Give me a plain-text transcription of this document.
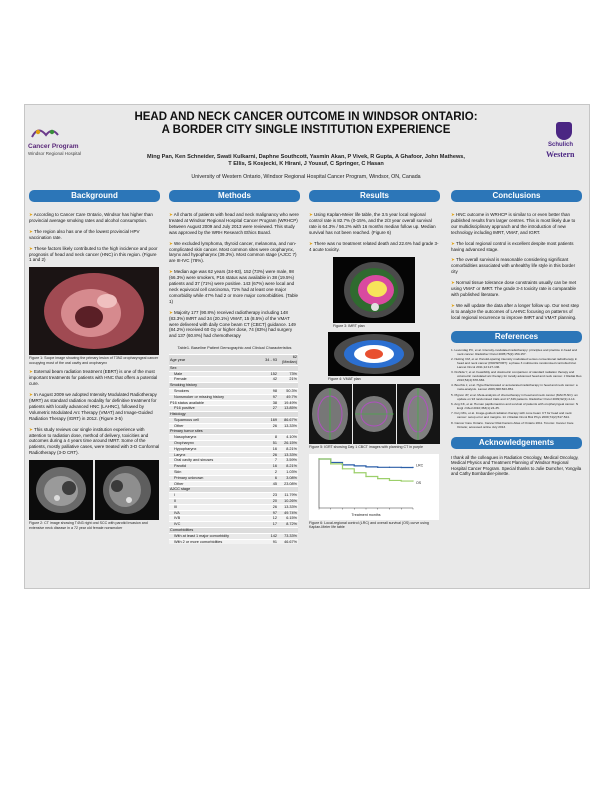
Cancer Program
Windsor Regional Hospital
Schulich
Western
HEAD AND NECK CANCER OUTCOME IN WINDSOR ONTARIO:
A BORDER CITY SINGLE INSTITUTION EXPERIENCE
Ming Pan, Ken Schneider, Swati Kulkarni, Daphne Southcott, Yasmin Akan, P Vivek, R Gupta, A Ghafoor, John Mathews,
T Ellis, S Kosjecki, K Hirani, J Yousuf, C Springer, C Hasan
University of Western Ontario, Windsor Regional Hospital Cancer Program, Windsor, ON, Canada
Background

➤ According to Cancer Care Ontario, Windsor has higher than provincial average smoking rates and alcohol consumption.

➤ The region also has one of the lowest provincial HPV vaccination rate.

➤ These factors likely contributed to the high incidence and poor prognosis of head and neck cancer (HNC) in this region. (Figure 1 and 2)

Figure 1: Scope image showing the primary lesion of T3N2 oropharyngeal cancer occupying most of the oral cavity and oropharynx

➤ External beam radiation treatment (EBRT) is one of the most important treatments for patients with HNC that offers a potential cure.

➤ In August 2009 we adopted Intensity Modulated Radiotherapy (IMRT) as standard radiation modality for definitive treatment for patients with locally advanced HNC (LAHNC), followed by Volumetric Modulated Arc Therapy (VMAT) and Image-Guided Radiation Therapy (IGRT) in 2012. (Figure 3-5)

➤ This study reviews our single institution experience with attention to radiation dose, method of delivery, toxicities and outcomes during a 4 years time around IMRT. Some of the patients, mostly palliative cases, were treated with 3-D Conformal Radiotherapy (3-D CRT).

Figure 2: CT image showing T4N3 right oral SCC with parotid invasion and extensive neck disease in a 72 year old female nonsmoker

Methods

➤ All charts of patients with head and neck malignancy who were treated at Windsor Regional Hospital Cancer Program (WRHCP) between August 2009 and July 2013 were reviewed. This study was approved by the WRH Research Ethics Board.

➤ We excluded lymphoma, thyroid cancer, melanoma, and non-complicated skin cancer. Most common sites were oropharynx, larynx and hypopharynx (39.3%). Most common stage (AJCC 7) are III-IVC (78%).

➤ Median age was 62 years (34-93), 152 (73%) were male, 98 (66.3%) were smokers, P16 status was available in 38 (19.5%) patients and 37 (71%) were positive. 143 (67%) were local and neck equivocal cell carcinoma, 71% had at least one major comorbidity while 47% had 2 or more major comorbidities. (Table 1)

➤ Majority 177 (90.8%) received radiotherapy including 148 (83.3%) IMRT and 34 (20.1%) VMAT, 15 (8.5%) of the VMAT were delivered with daily Cone beam CT (CBCT) guidance. 149 (84.2%) received 60 Gy or higher dose, 74 (83%) had surgery and 137 (60.8%) had chemotherapy

Table1. Baseline Patient Demographic and Clinical Characteristics

Age year	34 - 93	62 (Median)
Sex		
Male	152	73%
Female	42	21%
Smoking history		
Smokers	98	50.3%
Nonsmoker or missing history	97	49.7%
P16 status available	38	19.49%
P16 positive	27	13.85%
Histology		
Squamous cell	169	86.67%
Other	26	13.33%
Primary tumor sites		
Nasopharynx	8	4.10%
Oropharynx	51	26.15%
Hypopharynx	16	8.21%
Larynx	26	13.33%
Oral cavity and sinuses	7	3.59%
Parotid	16	8.21%
Skin	2	1.03%
Primary unknown	6	3.08%
Other	45	23.08%
AJCC stage		
I	23	11.79%
II	20	10.26%
III	26	13.33%
IVA	97	49.74%
IVB	12	6.15%
IVC	17	8.72%
Comorbidities		
With at least 1 major comorbidity	142	73.33%
With 2 or more comorbidities	91	46.67%
Results

➤ Using Kaplan-Meier life table, the 3.5 year local regional control rate is 82.7% (0-15%, and the 2/3 year overall survival rate is 64.3% / 56.2% with 16 months median follow up. Median survival has not been reached. (Figure 6)

➤ There was no treatment related death and 22.6% had grade 3-4 acute toxicity.

Figure 3: IMRT plan

Figure 4: VMAT plan

Figure 5: IGRT showing Day 1 CBCT images with planning CT in purple

LRC
OS
Treatment months

Figure 6: Local-regional control (LRC) and overall survival (OS) curve using Kaplan-Meier life table

Conclusions

➤ HNC outcome in WRHCP is similar to or even better than published results from larger centres. This is most likely due to our multidisciplinary approach and the introduction of new technology including IMRT, VMAT, and IGRT.

➤ The local regional control is excellent despite most patients having advanced stage.

➤ The overall survival is reasonable considering significant comorbidities associated with unhealthy life style in this border city

➤ Normal tissue tolerance dose constraints usually can be met using VMAT or IMRT. The grade 3-4 toxicity rate is comparable with published literature.

➤ We will update the data after a longer follow up. Our next step is to analyze the outcomes of LAHNC focusing on patterns of local regional recurrence to improve IMRT and VMAT planning.

References

1. Levendag PC, et al. Intensity-modulated radiotherapy: principles and practice in head and neck cancer. Radiother Oncol 2005;75(2):150-157.

2. Nutting CM, et al. Parotid-sparing intensity modulated versus conventional radiotherapy in head and neck cancer (PARSPORT): a phase 3 multicentre randomised controlled trial. Lancet Oncol 2011;12:127-136.

3. Kishida Y, et al. Feasibility and dosimetric comparison of standard radiation therapy and volumetric modulated arc therapy for locally advanced head and neck cancer. J Radiat Res 2013;54(4):678-684.

4. Bourhis J, et al. Hyperfractionated or accelerated radiotherapy in head and neck cancer: a meta-analysis. Lancet 2006;368:843-854.

5. Pignon JP, et al. Meta-analysis of chemotherapy in head and neck cancer (MACH-NC): an update on 93 randomised trials and 17,346 patients. Radiother Oncol 2009;92(1):4-14.

6. Ang KK, et al. Human papillomavirus and survival of patients with oropharyngeal cancer. N Engl J Med 2010;363(1):24-35.

7. Fury MG, et al. Image-guided radiation therapy with cone beam CT for head and neck cancer: setup error and margins. Int J Radiat Oncol Biol Phys 2009;74(2):517-524.

8. Cancer Care Ontario. Cancer Risk Factors Atlas of Ontario 2011. Toronto: Cancer Care Ontario; accessed online July 2013.

Acknowledgements

I thank all the colleagues in Radiation Oncology, Medical Oncology, Medical Physics and Treatment Planning of Windsor Regional Hospital Cancer Program. Special thanks to Julie Dumcher, Yongyila and Cathy Bombardier-pinette.
